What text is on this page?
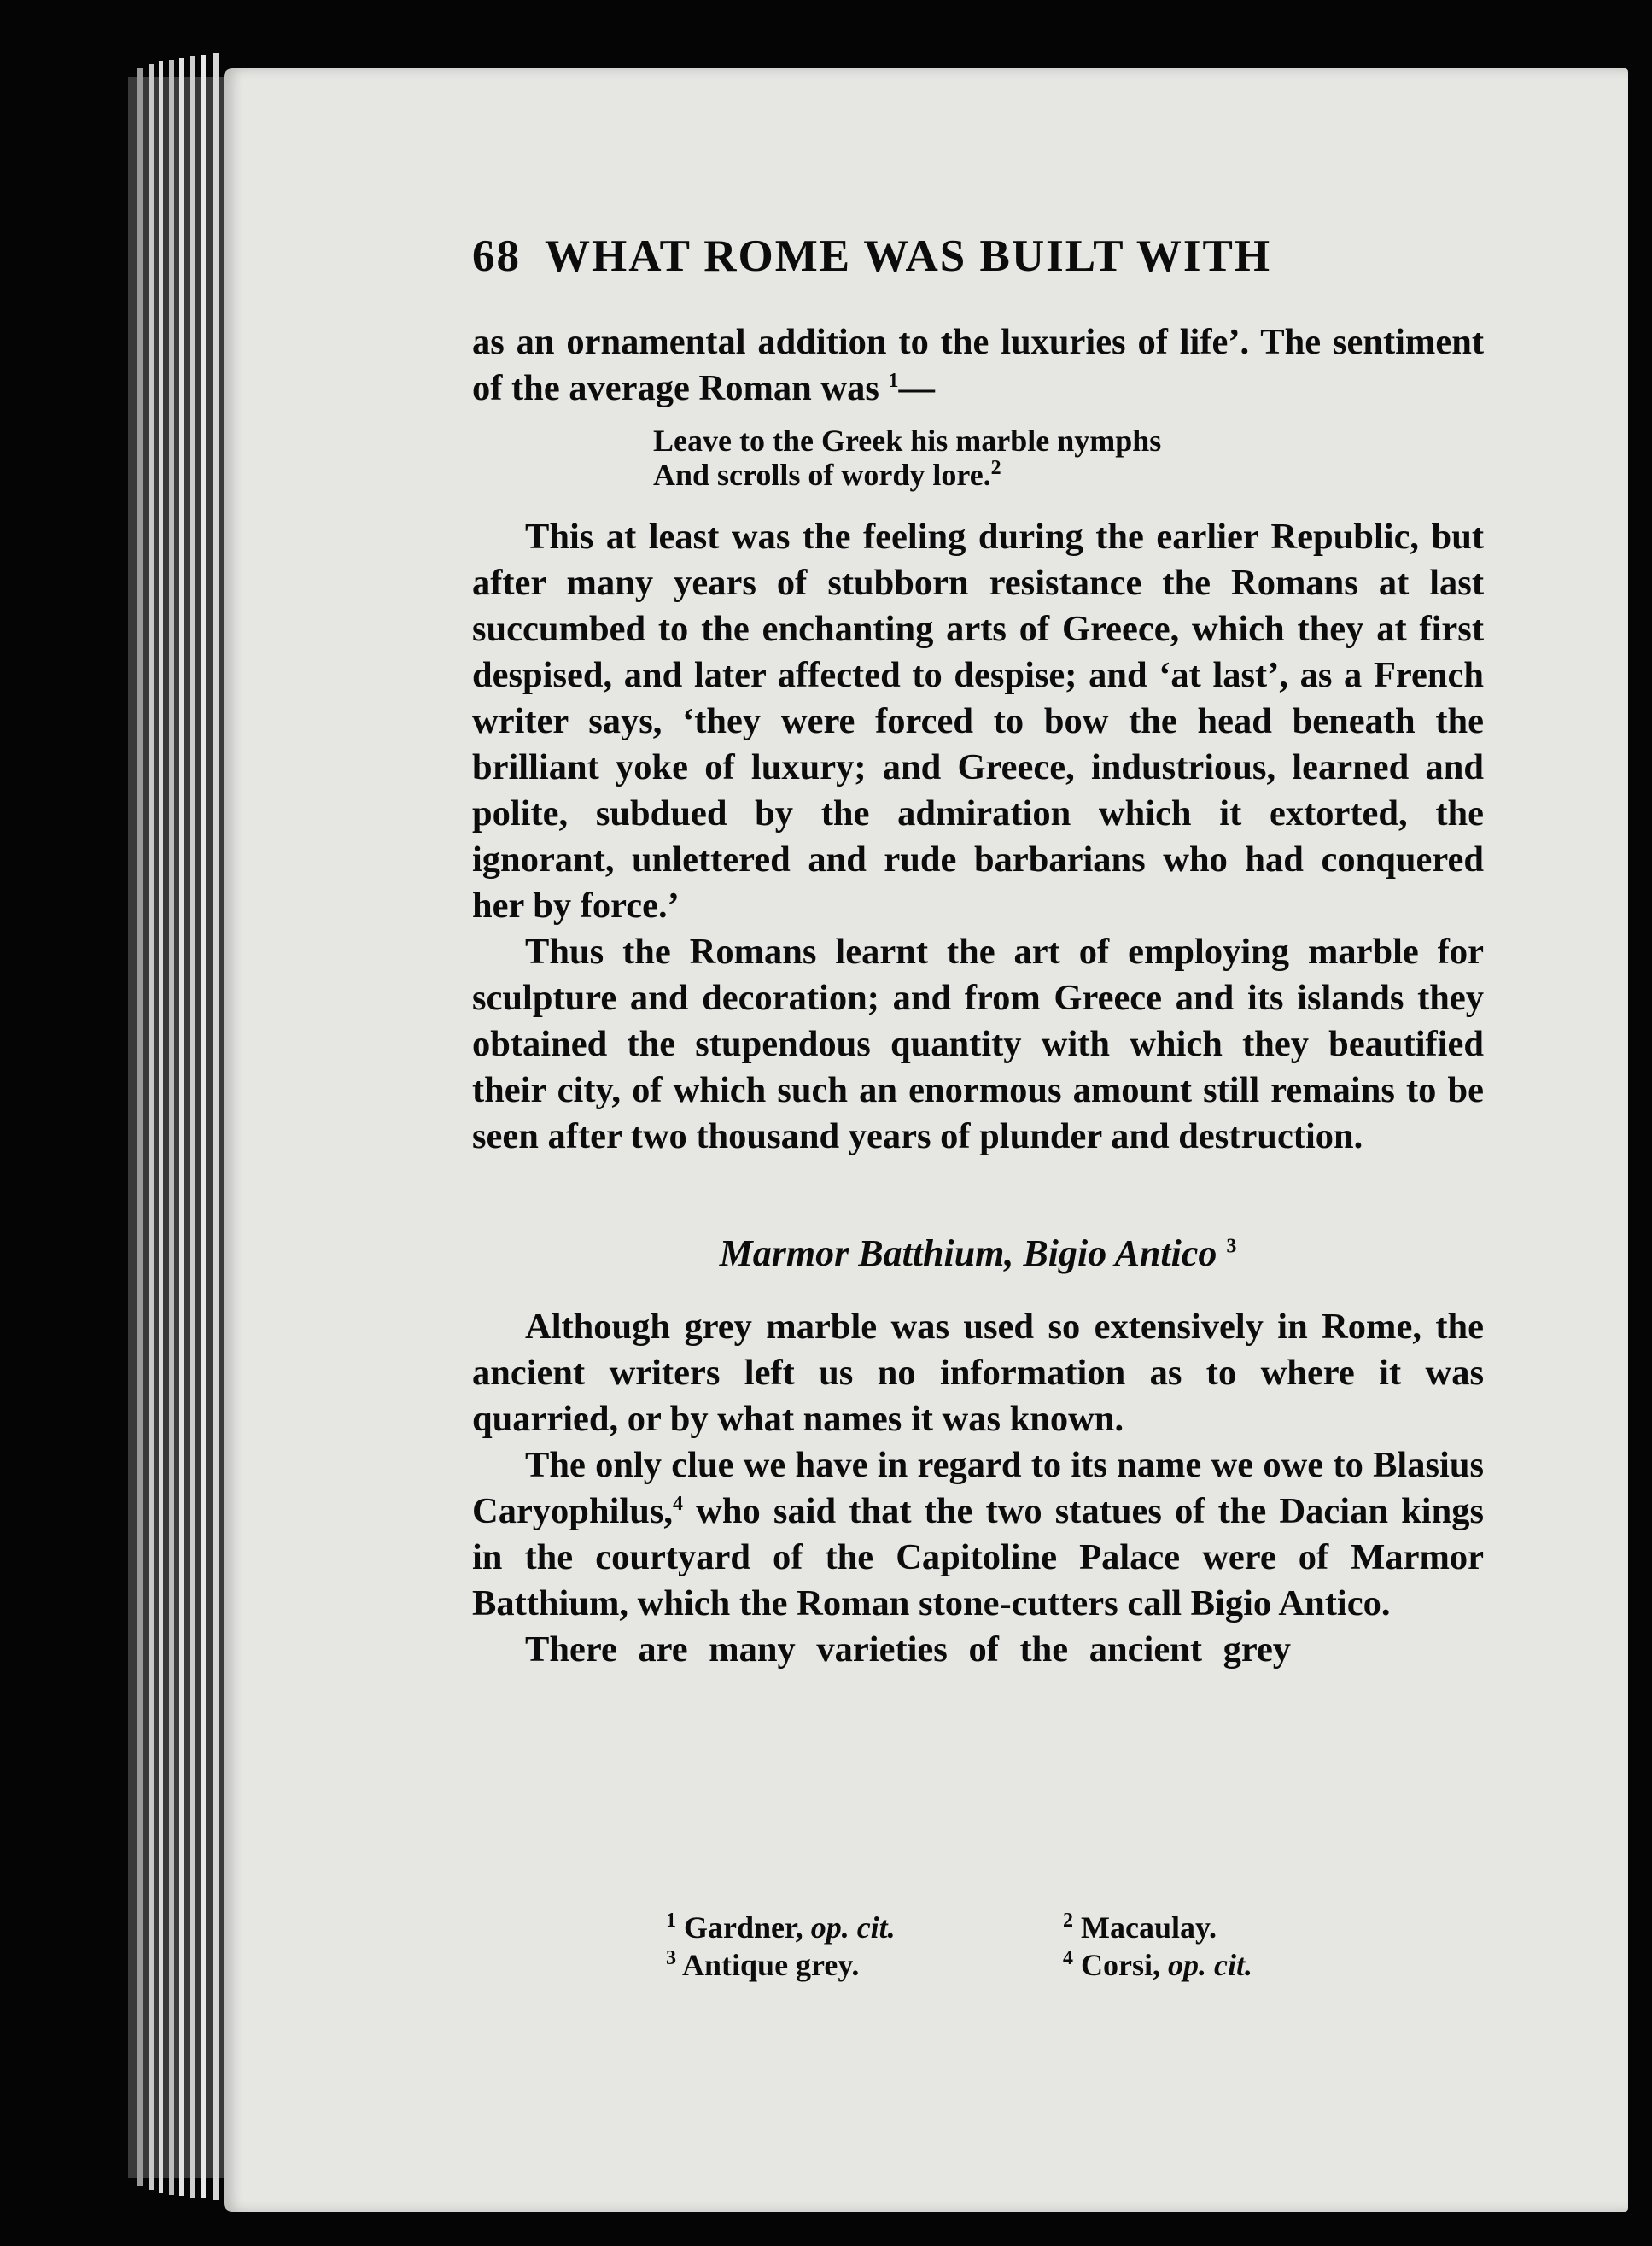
68 WHAT ROME WAS BUILT WITH

as an ornamental addition to the luxuries of life’. The sentiment of the average Roman was $^1$—

Leave to the Greek his marble nymphs
And scrolls of wordy lore.$^2$

This at least was the feeling during the earlier Republic, but after many years of stubborn resistance the Romans at last succumbed to the enchanting arts of Greece, which they at first despised, and later affected to despise; and ‘at last’, as a French writer says, ‘they were forced to bow the head beneath the brilliant yoke of luxury; and Greece, industrious, learned and polite, subdued by the admiration which it extorted, the ignorant, unlettered and rude barbarians who had conquered her by force.’

Thus the Romans learnt the art of employing marble for sculpture and decoration; and from Greece and its islands they obtained the stupendous quantity with which they beautified their city, of which such an enormous amount still remains to be seen after two thousand years of plunder and destruction.

Marmor Batthium, Bigio Antico $^3$

Although grey marble was used so extensively in Rome, the ancient writers left us no information as to where it was quarried, or by what names it was known.

The only clue we have in regard to its name we owe to Blasius Caryophilus,$^4$ who said that the two statues of the Dacian kings in the courtyard of the Capitoline Palace were of Marmor Batthium, which the Roman stone-cutters call Bigio Antico.

There are many varieties of the ancient grey

$^1$ Gardner, op. cit.	$^2$ Macaulay.
$^3$ Antique grey.	$^4$ Corsi, op. cit.
